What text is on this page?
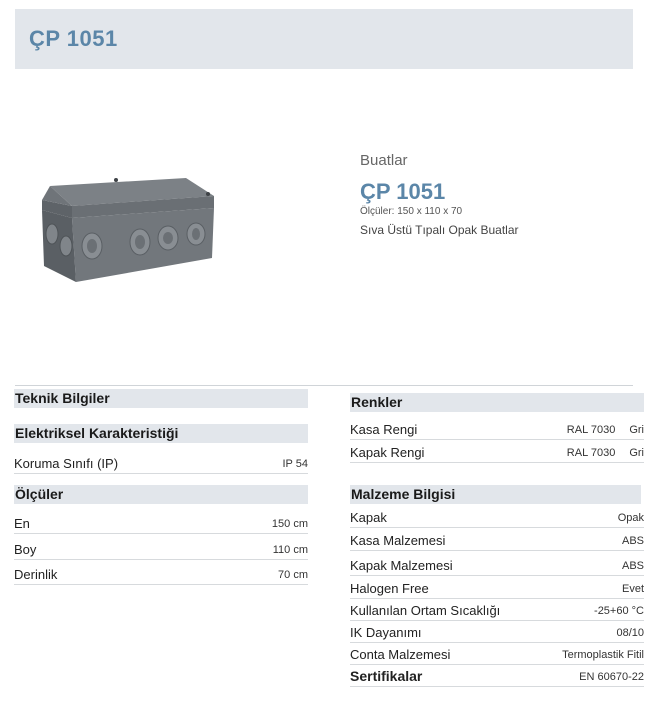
ÇP 1051
Buatlar
ÇP 1051
Ölçüler: 150 x 110 x 70
Sıva Üstü Tıpalı Opak Buatlar
Teknik Bilgiler
Elektriksel Karakteristiği
Koruma Sınıfı (IP)	IP 54
Ölçüler
En	150 cm
Boy	110 cm
Derinlik	70 cm
Renkler
Kasa Rengi	RAL 7030 Gri
Kapak Rengi	RAL 7030 Gri
Malzeme Bilgisi
Kapak	Opak
Kasa Malzemesi	ABS
Kapak Malzemesi	ABS
Halogen Free	Evet
Kullanılan Ortam Sıcaklığı	-25+60 °C
IK Dayanımı	08/10
Conta Malzemesi	Termoplastik Fitil
Sertifikalar	EN 60670-22
